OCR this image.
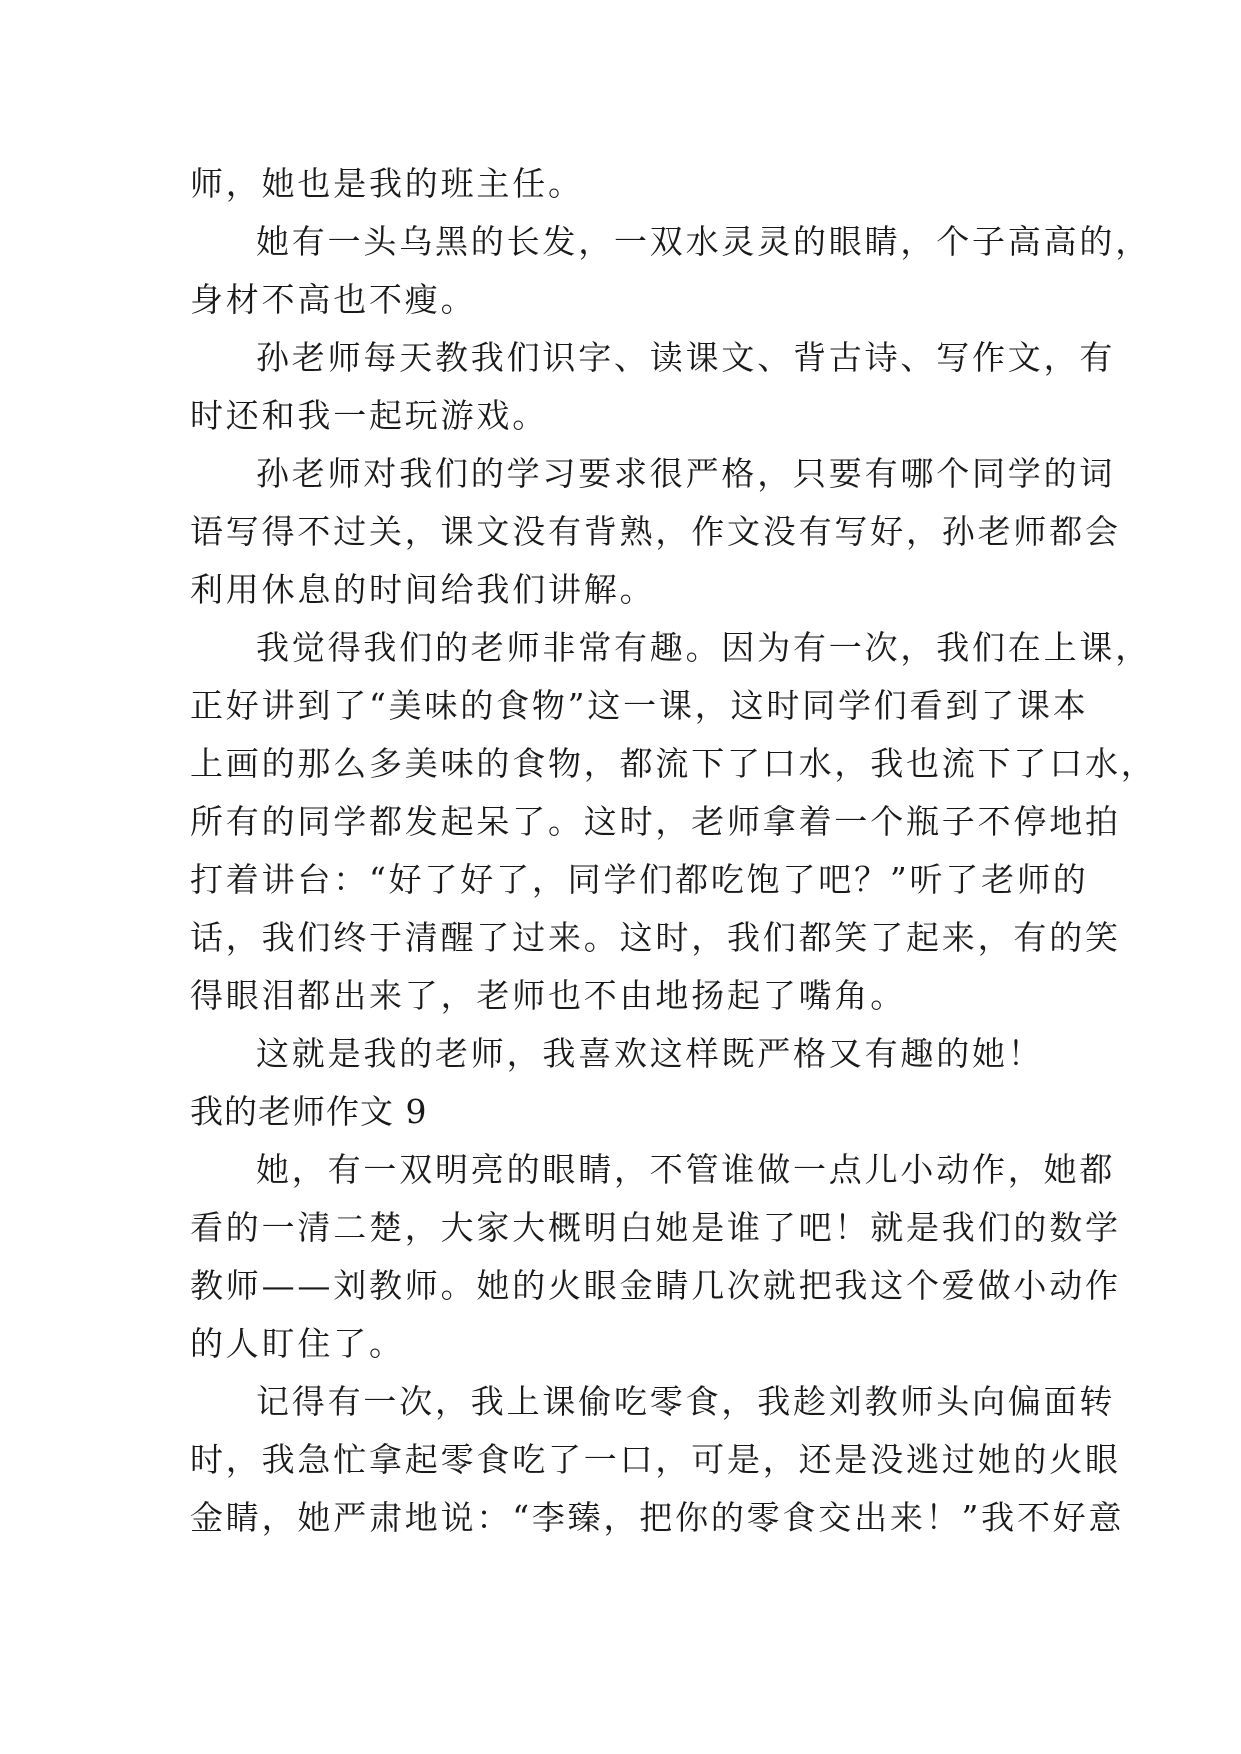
师，她也是我的班主任。
她有一头乌黑的长发，一双水灵灵的眼睛，个子高高的，
身材不高也不瘦。
孙老师每天教我们识字、读课文、背古诗、写作文，有
时还和我一起玩游戏。
孙老师对我们的学习要求很严格，只要有哪个同学的词
语写得不过关，课文没有背熟，作文没有写好，孙老师都会
利用休息的时间给我们讲解。
我觉得我们的老师非常有趣。因为有一次，我们在上课，
正好讲到了“美味的食物”这一课，这时同学们看到了课本
上画的那么多美味的食物，都流下了口水，我也流下了口水，
所有的同学都发起呆了。这时，老师拿着一个瓶子不停地拍
打着讲台：“好了好了，同学们都吃饱了吧？”听了老师的
话，我们终于清醒了过来。这时，我们都笑了起来，有的笑
得眼泪都出来了，老师也不由地扬起了嘴角。
这就是我的老师，我喜欢这样既严格又有趣的她！
我的老师作文 9
她，有一双明亮的眼睛，不管谁做一点儿小动作，她都
看的一清二楚，大家大概明白她是谁了吧！就是我们的数学
教师——刘教师。她的火眼金睛几次就把我这个爱做小动作
的人盯住了。
记得有一次，我上课偷吃零食，我趁刘教师头向偏面转
时，我急忙拿起零食吃了一口，可是，还是没逃过她的火眼
金睛，她严肃地说：“李臻，把你的零食交出来！”我不好意
